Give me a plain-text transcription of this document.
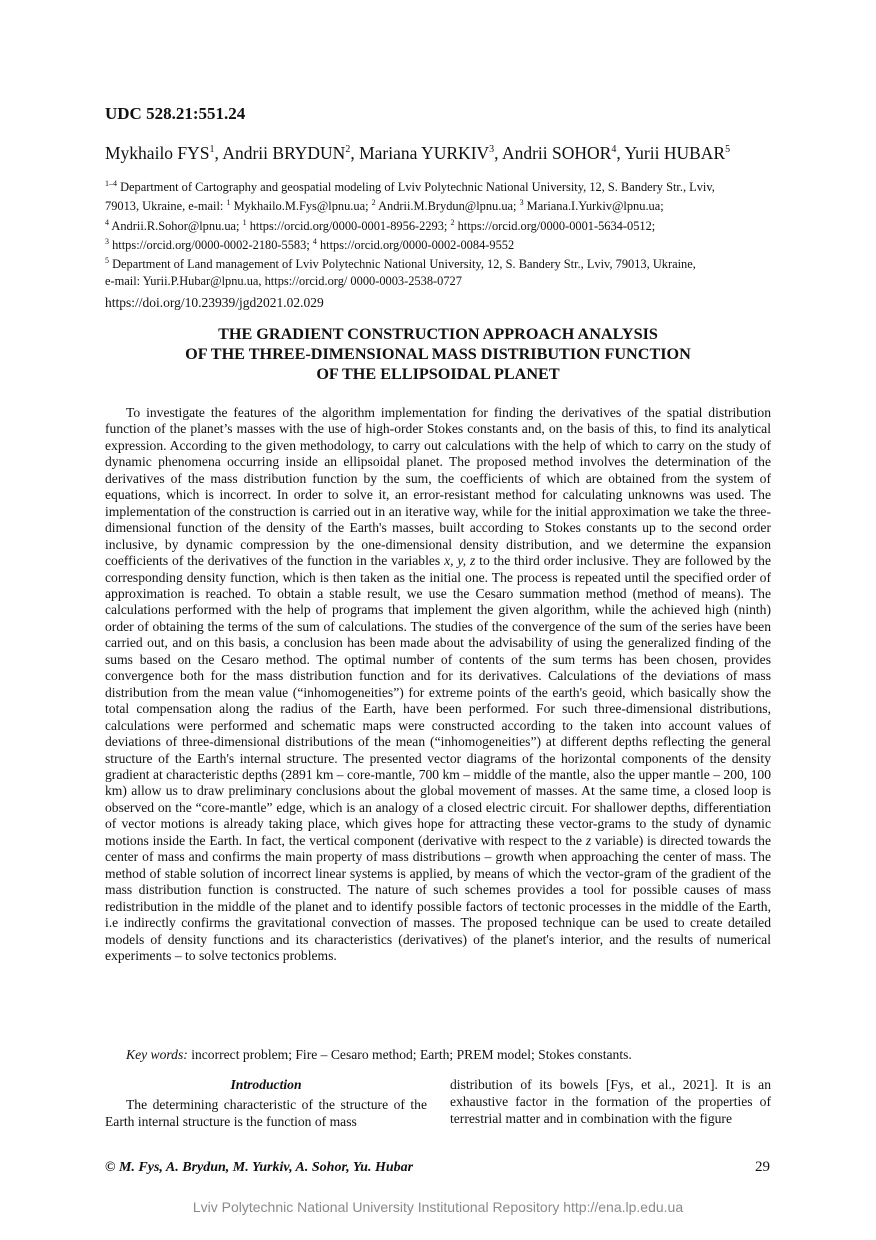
UDC 528.21:551.24
Mykhailo FYS$^1$, Andrii BRYDUN$^2$, Mariana YURKIV$^3$, Andrii SOHOR$^4$, Yurii HUBAR$^5$

$^{1-4}$ Department of Cartography and geospatial modeling of Lviv Polytechnic National University, 12, S. Bandery Str., Lviv,

79013, Ukraine, e-mail: $^1$ Mykhailo.M.Fys@lpnu.ua; $^2$ Andrii.M.Brydun@lpnu.ua; $^3$ Mariana.I.Yurkiv@lpnu.ua;

$^4$ Andrii.R.Sohor@lpnu.ua; $^1$ https://orcid.org/0000-0001-8956-2293; $^2$ https://orcid.org/0000-0001-5634-0512;

$^3$ https://orcid.org/0000-0002-2180-5583; $^4$ https://orcid.org/0000-0002-0084-9552

$^5$ Department of Land management of Lviv Polytechnic National University, 12, S. Bandery Str., Lviv, 79013, Ukraine,

e-mail: Yurii.P.Hubar@lpnu.ua, https://orcid.org/ 0000-0003-2538-0727

https://doi.org/10.23939/jgd2021.02.029
THE GRADIENT CONSTRUCTION APPROACH ANALYSIS
OF THE THREE-DIMENSIONAL MASS DISTRIBUTION FUNCTION
OF THE ELLIPSOIDAL PLANET

To investigate the features of the algorithm implementation for finding the derivatives of the spatial distribution function of the planet’s masses with the use of high-order Stokes constants and, on the basis of this, to find its analytical expression. According to the given methodology, to carry out calculations with the help of which to carry on the study of dynamic phenomena occurring inside an ellipsoidal planet. The proposed method involves the determination of the derivatives of the mass distribution function by the sum, the coefficients of which are obtained from the system of equations, which is incorrect. In order to solve it, an error-resistant method for calculating unknowns was used. The implementation of the construction is carried out in an iterative way, while for the initial approximation we take the three-dimensional function of the density of the Earth's masses, built according to Stokes constants up to the second order inclusive, by dynamic compression by the one-dimensional density distribution, and we determine the expansion coefficients of the derivatives of the function in the variables x, y, z to the third order inclusive. They are followed by the corresponding density function, which is then taken as the initial one. The process is repeated until the specified order of approximation is reached. To obtain a stable result, we use the Cesaro summation method (method of means). The calculations performed with the help of programs that implement the given algorithm, while the achieved high (ninth) order of obtaining the terms of the sum of calculations. The studies of the convergence of the sum of the series have been carried out, and on this basis, a conclusion has been made about the advisability of using the generalized finding of the sums based on the Cesaro method. The optimal number of contents of the sum terms has been chosen, provides convergence both for the mass distribution function and for its derivatives. Calculations of the deviations of mass distribution from the mean value (“inhomogeneities”) for extreme points of the earth's geoid, which basically show the total compensation along the radius of the Earth, have been performed. For such three-dimensional distributions, calculations were performed and schematic maps were constructed according to the taken into account values of deviations of three-dimensional distributions of the mean (“inhomogeneities”) at different depths reflecting the general structure of the Earth's internal structure. The presented vector diagrams of the horizontal components of the density gradient at characteristic depths (2891 km – core-mantle, 700 km – middle of the mantle, also the upper mantle – 200, 100 km) allow us to draw preliminary conclusions about the global movement of masses. At the same time, a closed loop is observed on the “core-mantle” edge, which is an analogy of a closed electric circuit. For shallower depths, differentiation of vector motions is already taking place, which gives hope for attracting these vector-grams to the study of dynamic motions inside the Earth. In fact, the vertical component (derivative with respect to the z variable) is directed towards the center of mass and confirms the main property of mass distributions – growth when approaching the center of mass. The method of stable solution of incorrect linear systems is applied, by means of which the vector-gram of the gradient of the mass distribution function is constructed. The nature of such schemes provides a tool for possible causes of mass redistribution in the middle of the planet and to identify possible factors of tectonic processes in the middle of the Earth, i.e indirectly confirms the gravitational convection of masses. The proposed technique can be used to create detailed models of density functions and its characteristics (derivatives) of the planet's interior, and the results of numerical experiments – to solve tectonics problems.

Key words: incorrect problem; Fire – Cesaro method; Earth; PREM model; Stokes constants.

Introduction

The determining characteristic of the structure of the Earth internal structure is the function of mass

distribution of its bowels [Fys, et al., 2021]. It is an exhaustive factor in the formation of the properties of terrestrial matter and in combination with the figure

© M. Fys, A. Brydun, M. Yurkiv, A. Sohor, Yu. Hubar	29
Lviv Polytechnic National University Institutional Repository http://ena.lp.edu.ua
